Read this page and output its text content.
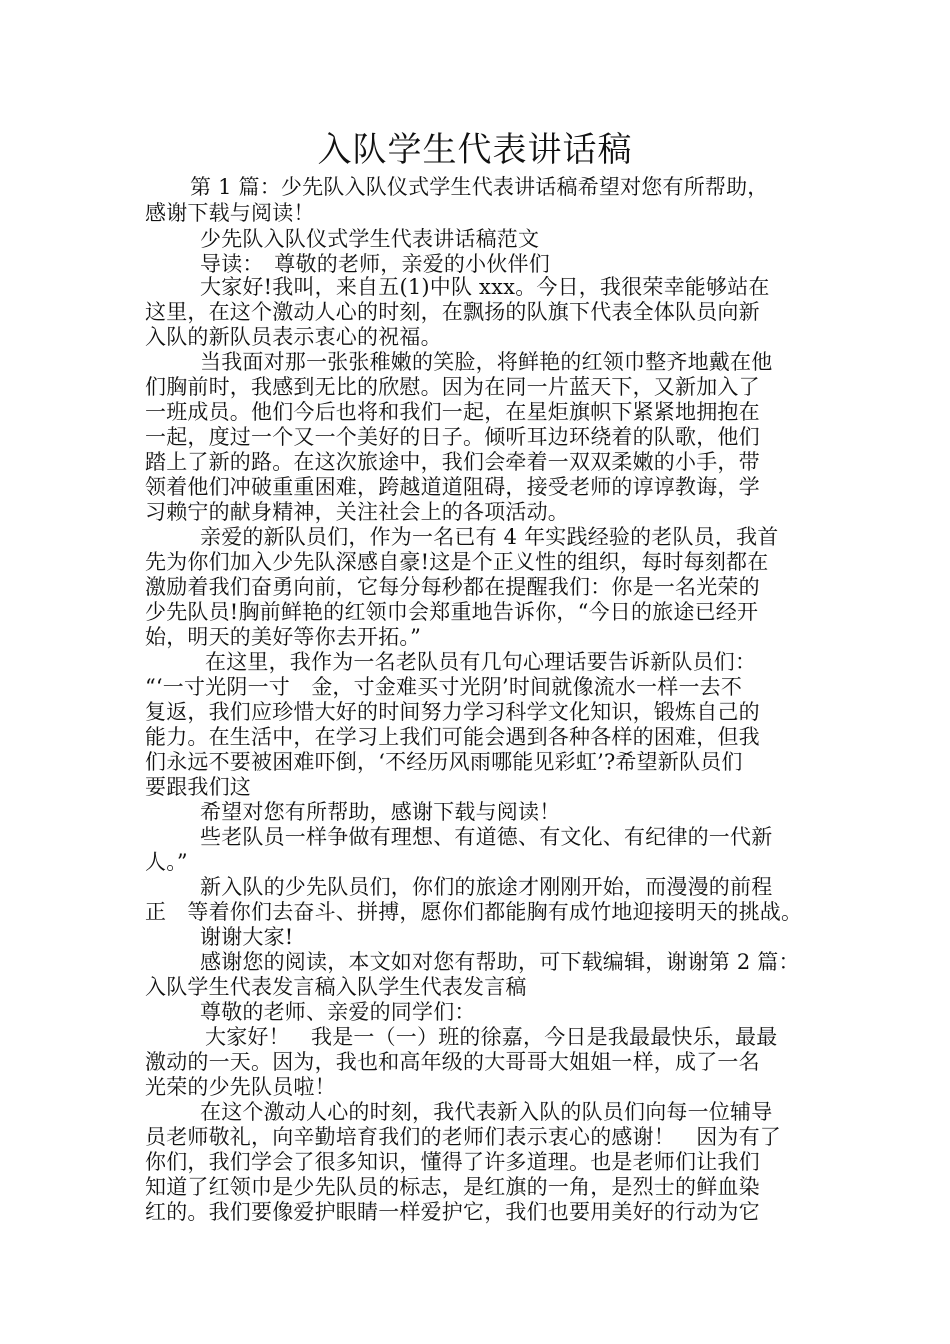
入队学生代表讲话稿
第 1 篇：少先队入队仪式学生代表讲话稿希望对您有所帮助，
感谢下载与阅读！
少先队入队仪式学生代表讲话稿范文
导读：　尊敬的老师，亲爱的小伙伴们
大家好!我叫，来自五(1)中队 xxx。今日，我很荣幸能够站在
这里，在这个激动人心的时刻，在飘扬的队旗下代表全体队员向新
入队的新队员表示衷心的祝福。
当我面对那一张张稚嫩的笑脸，将鲜艳的红领巾整齐地戴在他
们胸前时，我感到无比的欣慰。因为在同一片蓝天下，又新加入了
一班成员。他们今后也将和我们一起，在星炬旗帜下紧紧地拥抱在
一起，度过一个又一个美好的日子。倾听耳边环绕着的队歌，他们
踏上了新的路。在这次旅途中，我们会牵着一双双柔嫩的小手，带
领着他们冲破重重困难，跨越道道阻碍，接受老师的谆谆教诲，学
习赖宁的献身精神，关注社会上的各项活动。
亲爱的新队员们，作为一名已有 4 年实践经验的老队员，我首
先为你们加入少先队深感自豪!这是个正义性的组织，每时每刻都在
激励着我们奋勇向前，它每分每秒都在提醒我们：你是一名光荣的
少先队员!胸前鲜艳的红领巾会郑重地告诉你，“今日的旅途已经开
始，明天的美好等你去开拓。”
在这里，我作为一名老队员有几句心理话要告诉新队员们：
“‘一寸光阴一寸　金，寸金难买寸光阴’时间就像流水一样一去不
复返，我们应珍惜大好的时间努力学习科学文化知识，锻炼自己的
能力。在生活中，在学习上我们可能会遇到各种各样的困难，但我
们永远不要被困难吓倒，‘不经历风雨哪能见彩虹’?希望新队员们
要跟我们这
希望对您有所帮助，感谢下载与阅读！
些老队员一样争做有理想、有道德、有文化、有纪律的一代新
人。”
新入队的少先队员们，你们的旅途才刚刚开始，而漫漫的前程
正　等着你们去奋斗、拼搏，愿你们都能胸有成竹地迎接明天的挑战。
谢谢大家!
感谢您的阅读，本文如对您有帮助，可下载编辑，谢谢第 2 篇：
入队学生代表发言稿入队学生代表发言稿
尊敬的老师、亲爱的同学们：
大家好！　我是一（一）班的徐嘉，今日是我最最快乐，最最
激动的一天。因为，我也和高年级的大哥哥大姐姐一样，成了一名
光荣的少先队员啦！
在这个激动人心的时刻，我代表新入队的队员们向每一位辅导
员老师敬礼，向辛勤培育我们的老师们表示衷心的感谢！　因为有了
你们，我们学会了很多知识，懂得了许多道理。也是老师们让我们
知道了红领巾是少先队员的标志，是红旗的一角，是烈士的鲜血染
红的。我们要像爱护眼睛一样爱护它，我们也要用美好的行动为它
